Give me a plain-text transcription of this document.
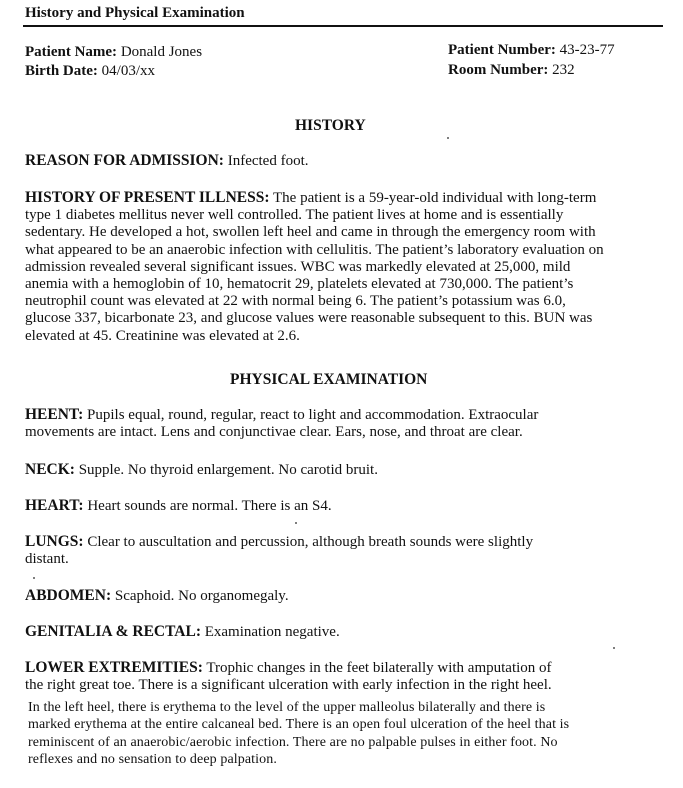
History and Physical Examination
Patient Name: Donald Jones
Birth Date: 04/03/xx
Patient Number: 43-23-77
Room Number: 232
HISTORY
REASON FOR ADMISSION: Infected foot.
HISTORY OF PRESENT ILLNESS: The patient is a 59-year-old individual with long-term
type 1 diabetes mellitus never well controlled. The patient lives at home and is essentially
sedentary. He developed a hot, swollen left heel and came in through the emergency room with
what appeared to be an anaerobic infection with cellulitis. The patient’s laboratory evaluation on
admission revealed several significant issues. WBC was markedly elevated at 25,000, mild
anemia with a hemoglobin of 10, hematocrit 29, platelets elevated at 730,000. The patient’s
neutrophil count was elevated at 22 with normal being 6. The patient’s potassium was 6.0,
glucose 337, bicarbonate 23, and glucose values were reasonable subsequent to this. BUN was
elevated at 45. Creatinine was elevated at 2.6.
PHYSICAL EXAMINATION
HEENT: Pupils equal, round, regular, react to light and accommodation. Extraocular
movements are intact. Lens and conjunctivae clear. Ears, nose, and throat are clear.
NECK: Supple. No thyroid enlargement. No carotid bruit.
HEART: Heart sounds are normal. There is an S4.
LUNGS: Clear to auscultation and percussion, although breath sounds were slightly
distant.
ABDOMEN: Scaphoid. No organomegaly.
GENITALIA & RECTAL: Examination negative.
LOWER EXTREMITIES: Trophic changes in the feet bilaterally with amputation of
the right great toe. There is a significant ulceration with early infection in the right heel.
In the left heel, there is erythema to the level of the upper malleolus bilaterally and there is
marked erythema at the entire calcaneal bed. There is an open foul ulceration of the heel that is
reminiscent of an anaerobic/aerobic infection. There are no palpable pulses in either foot. No
reflexes and no sensation to deep palpation.
